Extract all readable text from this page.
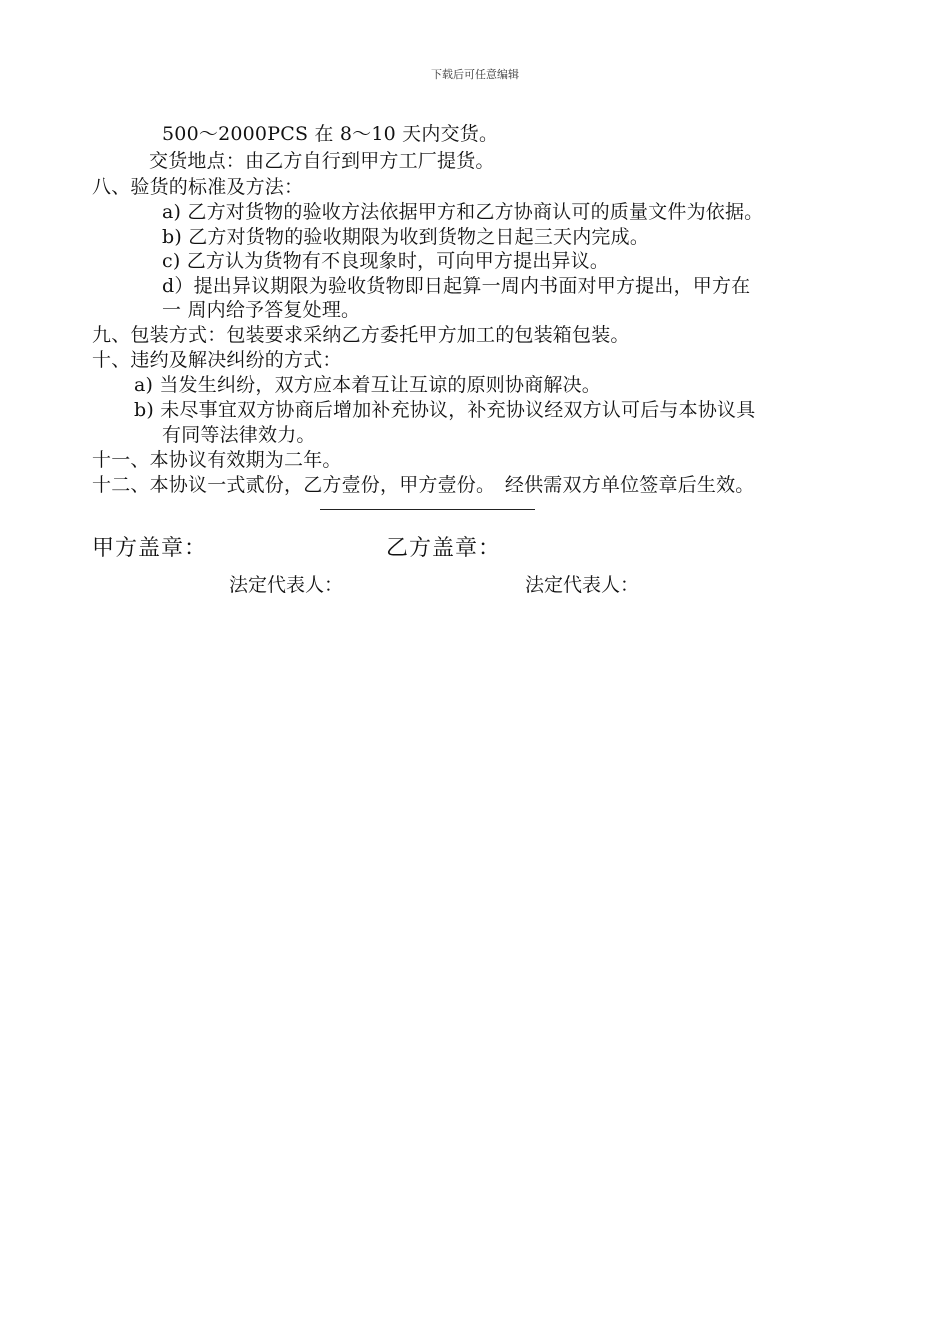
下载后可任意编辑
500～2000PCS 在 8～10 天内交货。
交货地点：由乙方自行到甲方工厂提货。
八、验货的标准及方法：
a) 乙方对货物的验收方法依据甲方和乙方协商认可的质量文件为依据。
b) 乙方对货物的验收期限为收到货物之日起三天内完成。
c) 乙方认为货物有不良现象时，可向甲方提出异议。
d）提出异议期限为验收货物即日起算一周内书面对甲方提出，甲方在
一 周内给予答复处理。
九、包装方式：包装要求采纳乙方委托甲方加工的包装箱包装。
十、违约及解决纠纷的方式：
a) 当发生纠纷，双方应本着互让互谅的原则协商解决。
b) 未尽事宜双方协商后增加补充协议，补充协议经双方认可后与本协议具
有同等法律效力。
十一、本协议有效期为二年。
十二、本协议一式贰份，乙方壹份，甲方壹份。　经供需双方单位签章后生效。
甲方盖章：	乙方盖章：
法定代表人：	法定代表人：
